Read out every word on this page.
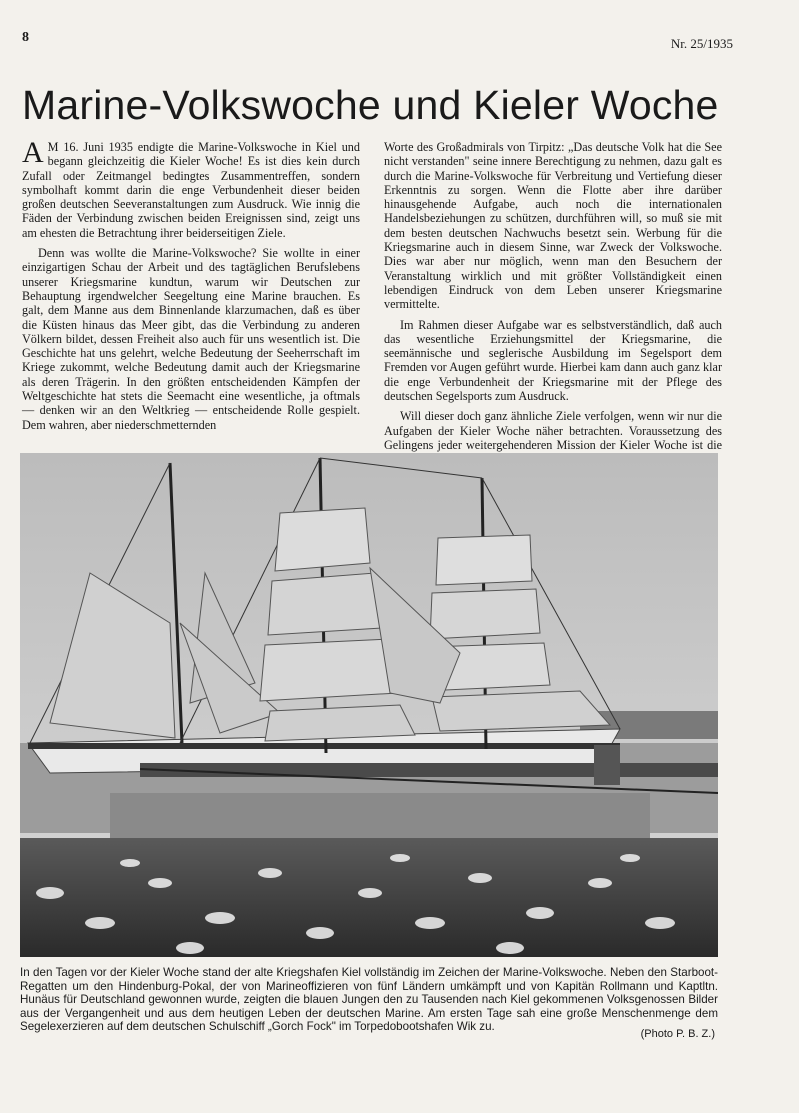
8	Nr. 25/1935
Marine-Volkswoche und Kieler Woche

A M 16. Juni 1935 endigte die Marine-Volkswoche in Kiel und begann gleichzeitig die Kieler Woche! Es ist dies kein durch Zufall oder Zeitmangel bedingtes Zusammentreffen, sondern symbolhaft kommt darin die enge Verbundenheit dieser beiden großen deutschen Seeveranstaltungen zum Ausdruck. Wie innig die Fäden der Verbindung zwischen beiden Ereignissen sind, zeigt uns am ehesten die Betrachtung ihrer beiderseitigen Ziele.

Denn was wollte die Marine-Volkswoche? Sie wollte in einer einzigartigen Schau der Arbeit und des tagtäglichen Berufslebens unserer Kriegsmarine kundtun, warum wir Deutschen zur Behauptung irgendwelcher Seegeltung eine Marine brauchen. Es galt, dem Manne aus dem Binnenlande klarzumachen, daß es über die Küsten hinaus das Meer gibt, das die Verbindung zu anderen Völkern bildet, dessen Freiheit also auch für uns wesentlich ist. Die Geschichte hat uns gelehrt, welche Bedeutung der Seeherrschaft im Kriege zukommt, welche Bedeutung damit auch der Kriegsmarine als deren Trägerin. In den größten entscheidenden Kämpfen der Weltgeschichte hat stets die Seemacht eine wesentliche, ja oftmals — denken wir an den Weltkrieg — entscheidende Rolle gespielt. Dem wahren, aber niederschmetternden

Worte des Großadmirals von Tirpitz: „Das deutsche Volk hat die See nicht verstanden" seine innere Berechtigung zu nehmen, dazu galt es durch die Marine-Volkswoche für Verbreitung und Vertiefung dieser Erkenntnis zu sorgen. Wenn die Flotte aber ihre darüber hinausgehende Aufgabe, auch noch die internationalen Handelsbeziehungen zu schützen, durchführen will, so muß sie mit dem besten deutschen Nachwuchs besetzt sein. Werbung für die Kriegsmarine auch in diesem Sinne, war Zweck der Volkswoche. Dies war aber nur möglich, wenn man den Besuchern der Veranstaltung wirklich und mit größter Vollständigkeit einen lebendigen Eindruck von dem Leben unserer Kriegsmarine vermittelte.

Im Rahmen dieser Aufgabe war es selbstverständlich, daß auch das wesentliche Erziehungsmittel der Kriegsmarine, die seemännische und seglerische Ausbildung im Segelsport dem Fremden vor Augen geführt wurde. Hierbei kam dann auch ganz klar die enge Verbundenheit der Kriegsmarine mit der Pflege des deutschen Segelsports zum Ausdruck.

Will dieser doch ganz ähnliche Ziele verfolgen, wenn wir nur die Aufgaben der Kieler Woche näher betrachten. Voraussetzung des Gelingens jeder weitergehenderen Mission der Kieler Woche ist die

In den Tagen vor der Kieler Woche stand der alte Kriegshafen Kiel vollständig im Zeichen der Marine-Volkswoche. Neben den Starboot-Regatten um den Hindenburg-Pokal, der von Marineoffizieren von fünf Ländern umkämpft und von Kapitän Rollmann und Kaptltn. Hunäus für Deutschland gewonnen wurde, zeigten die blauen Jungen den zu Tausenden nach Kiel gekommenen Volksgenossen Bilder aus der Vergangenheit und aus dem heutigen Leben der deutschen Marine. Am ersten Tage sah eine große Menschenmenge dem Segelexerzieren auf dem deutschen Schulschiff „Gorch Fock" im Torpedobootshafen Wik zu.

(Photo P. B. Z.)
